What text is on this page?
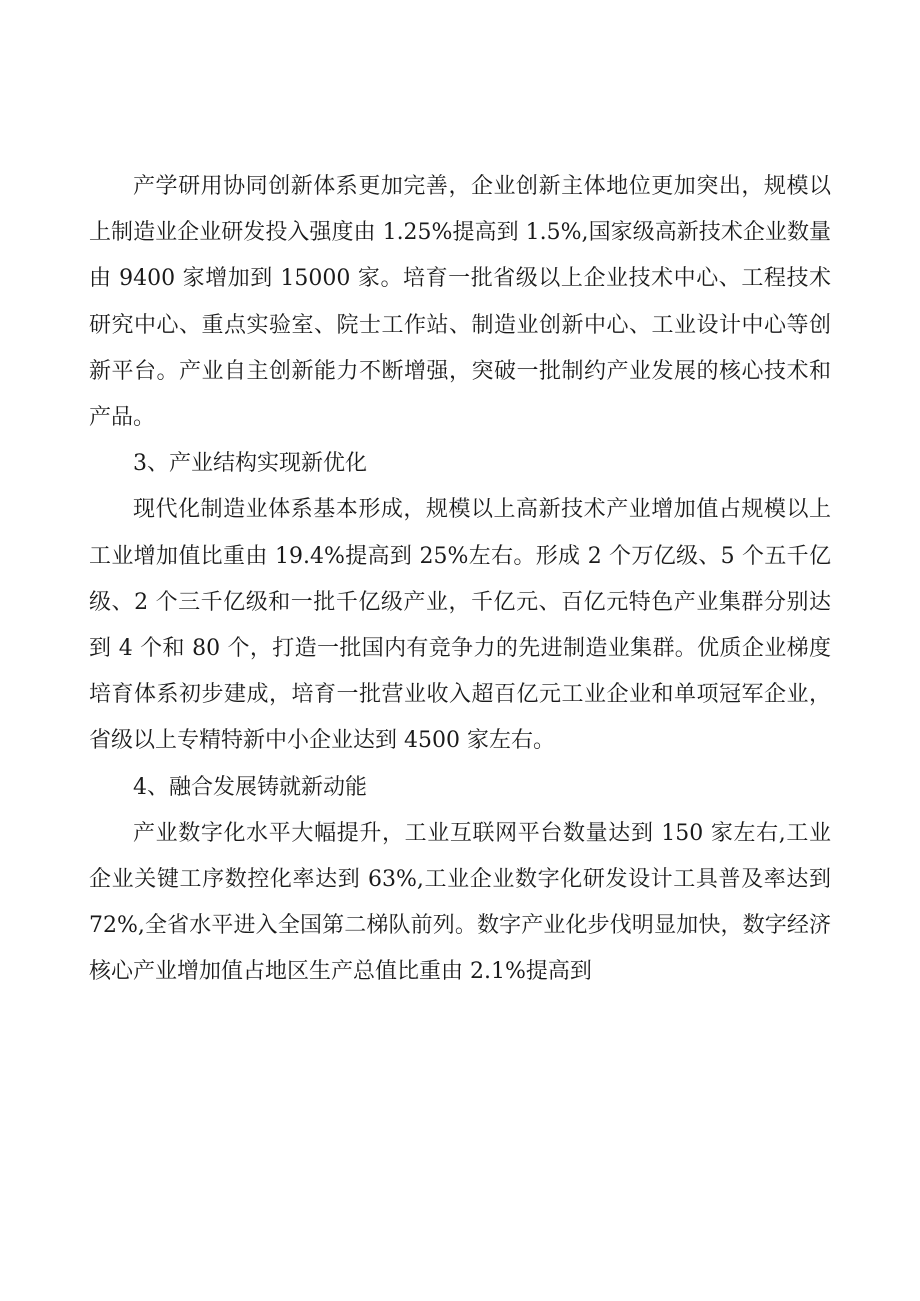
产学研用协同创新体系更加完善，企业创新主体地位更加突出，规模以上制造业企业研发投入强度由 1.25%提高到 1.5%,国家级高新技术企业数量由 9400 家增加到 15000 家。培育一批省级以上企业技术中心、工程技术研究中心、重点实验室、院士工作站、制造业创新中心、工业设计中心等创新平台。产业自主创新能力不断增强，突破一批制约产业发展的核心技术和产品。

3、产业结构实现新优化

现代化制造业体系基本形成，规模以上高新技术产业增加值占规模以上工业增加值比重由 19.4%提高到 25%左右。形成 2 个万亿级、5 个五千亿级、2 个三千亿级和一批千亿级产业，千亿元、百亿元特色产业集群分别达到 4 个和 80 个，打造一批国内有竞争力的先进制造业集群。优质企业梯度培育体系初步建成，培育一批营业收入超百亿元工业企业和单项冠军企业，省级以上专精特新中小企业达到 4500 家左右。

4、融合发展铸就新动能

产业数字化水平大幅提升，工业互联网平台数量达到 150 家左右,工业企业关键工序数控化率达到 63%,工业企业数字化研发设计工具普及率达到 72%,全省水平进入全国第二梯队前列。数字产业化步伐明显加快，数字经济核心产业增加值占地区生产总值比重由 2.1%提高到
